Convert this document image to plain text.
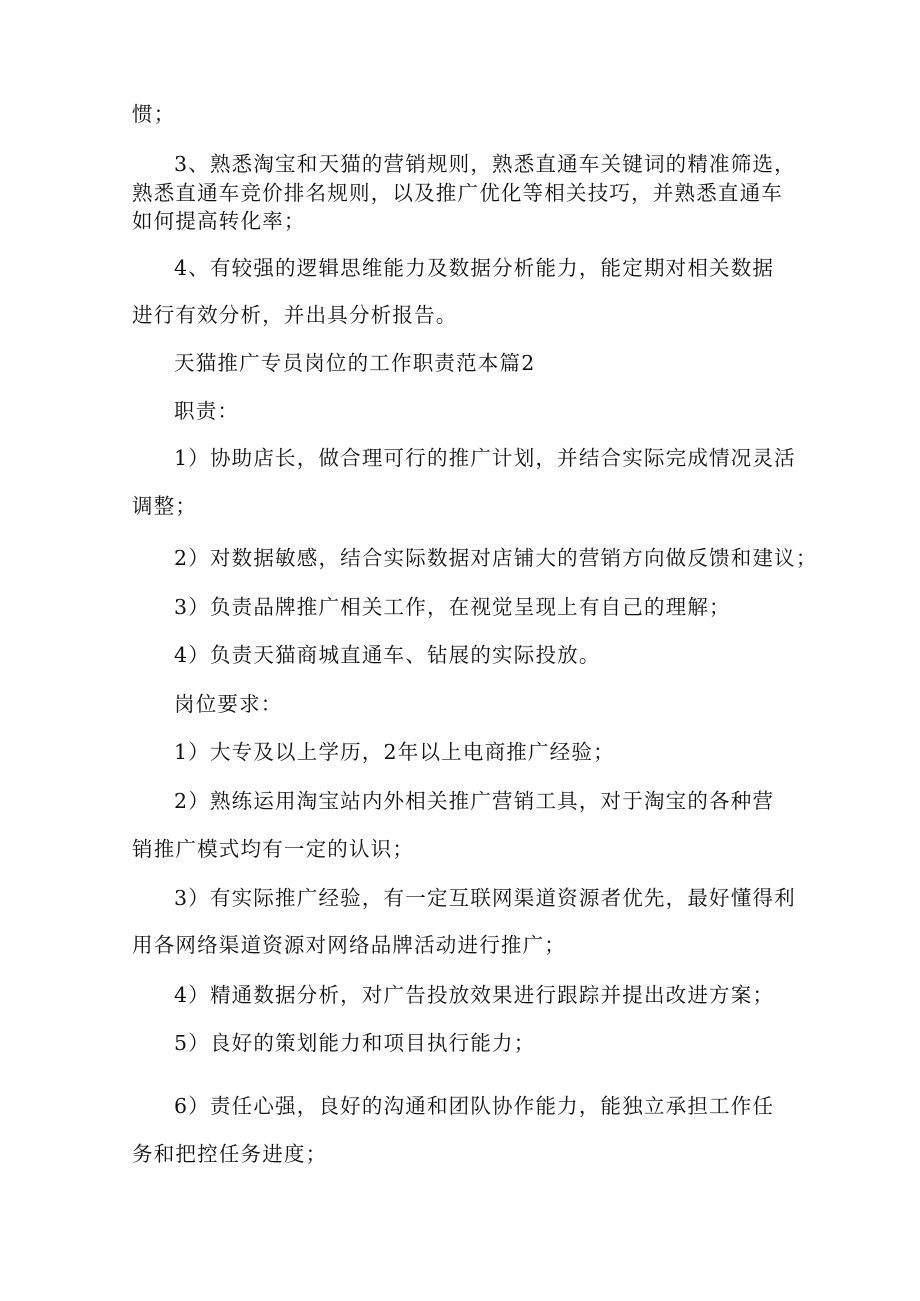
惯；
3、熟悉淘宝和天猫的营销规则，熟悉直通车关键词的精准筛选，
熟悉直通车竞价排名规则，以及推广优化等相关技巧，并熟悉直通车
如何提高转化率；
4、有较强的逻辑思维能力及数据分析能力，能定期对相关数据
进行有效分析，并出具分析报告。
天猫推广专员岗位的工作职责范本篇2
职责：
1）协助店长，做合理可行的推广计划，并结合实际完成情况灵活
调整；
2）对数据敏感，结合实际数据对店铺大的营销方向做反馈和建议；
3）负责品牌推广相关工作，在视觉呈现上有自己的理解；
4）负责天猫商城直通车、钻展的实际投放。
岗位要求：
1）大专及以上学历，2年以上电商推广经验；
2）熟练运用淘宝站内外相关推广营销工具，对于淘宝的各种营
销推广模式均有一定的认识；
3）有实际推广经验，有一定互联网渠道资源者优先，最好懂得利
用各网络渠道资源对网络品牌活动进行推广；
4）精通数据分析，对广告投放效果进行跟踪并提出改进方案；
5）良好的策划能力和项目执行能力；
6）责任心强，良好的沟通和团队协作能力，能独立承担工作任
务和把控任务进度；
